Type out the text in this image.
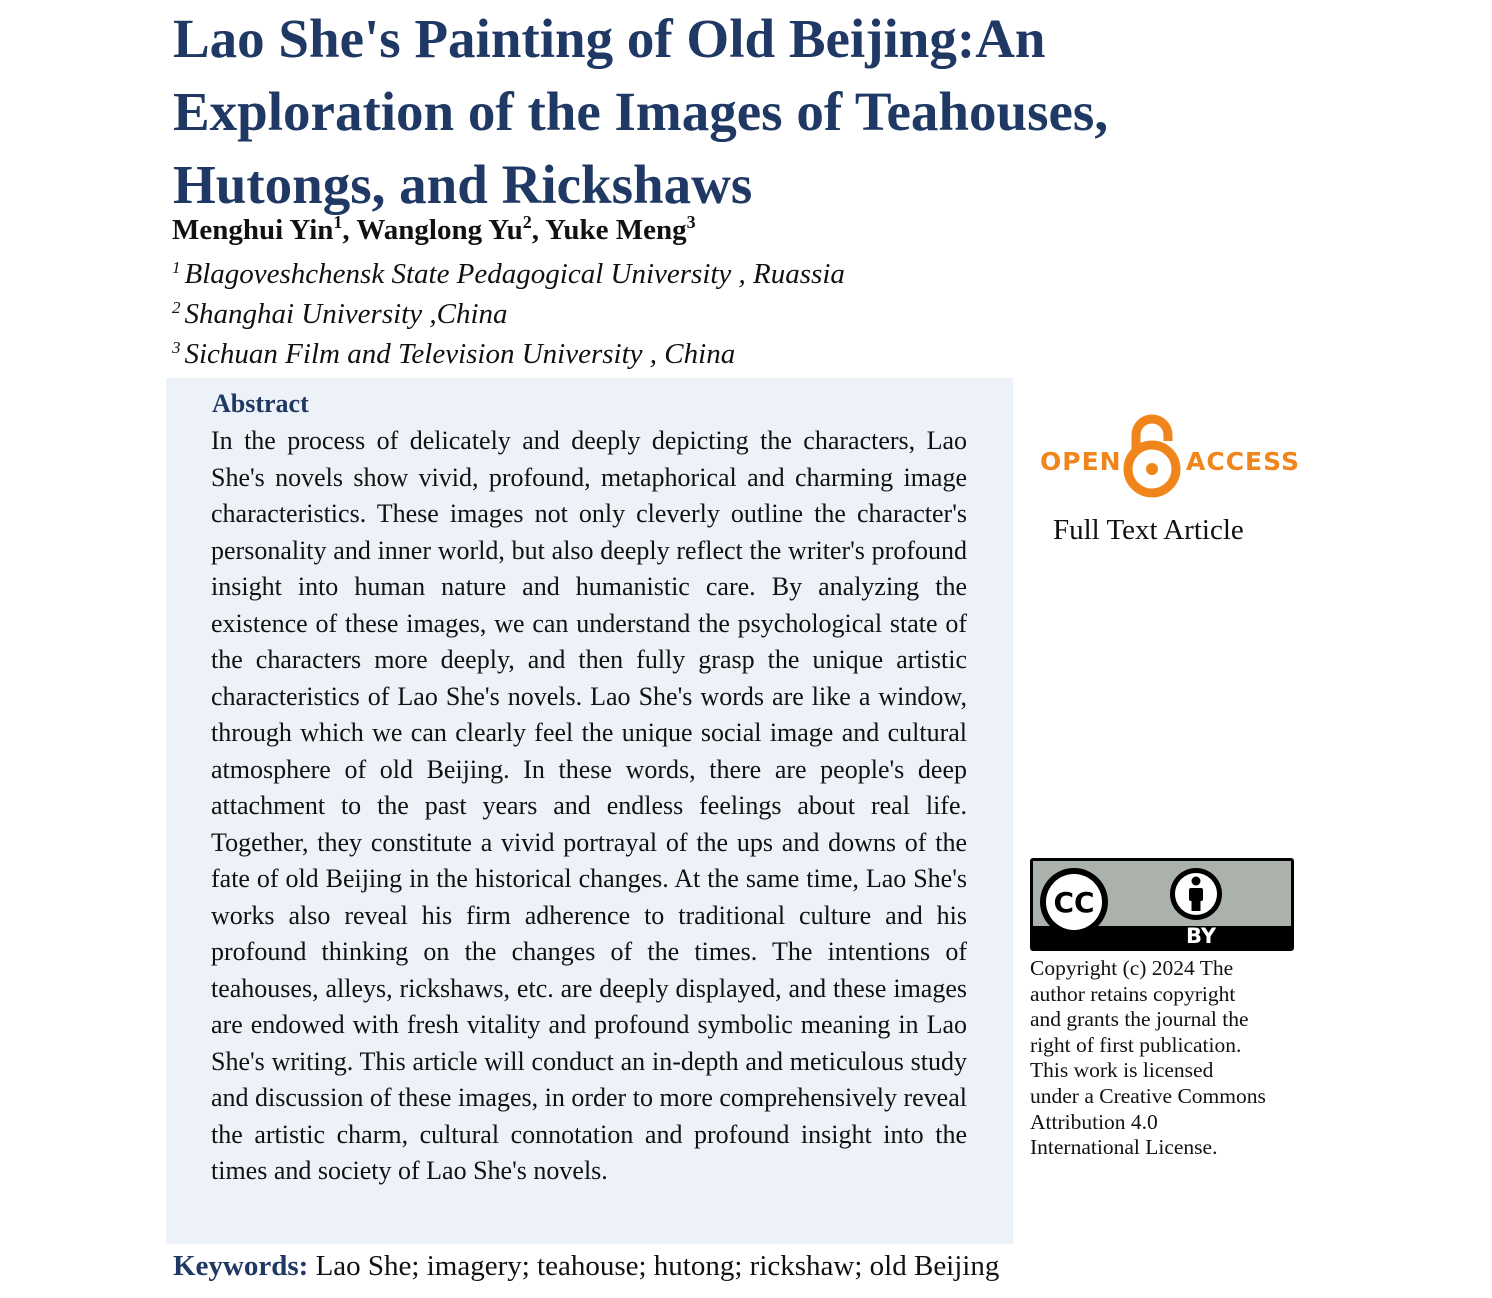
Lao She's Painting of Old Beijing:An Exploration of the Images of Teahouses, Hutongs, and Rickshaws
Menghui Yin$^1$, Wanglong Yu$^2$, Yuke Meng$^3$
$^1$ Blagoveshchensk State Pedagogical University , Ruassia
$^2$ Shanghai University ,China
$^3$ Sichuan Film and Television University , China
Abstract
In the process of delicately and deeply depicting the characters, Lao She's novels show vivid, profound, metaphorical and charming image characteristics. These images not only cleverly outline the character's personality and inner world, but also deeply reflect the writer's profound insight into human nature and humanistic care. By analyzing the existence of these images, we can understand the psychological state of the characters more deeply, and then fully grasp the unique artistic characteristics of Lao She's novels. Lao She's words are like a window, through which we can clearly feel the unique social image and cultural atmosphere of old Beijing. In these words, there are people's deep attachment to the past years and endless feelings about real life. Together, they constitute a vivid portrayal of the ups and downs of the fate of old Beijing in the historical changes. At the same time, Lao She's works also reveal his firm adherence to traditional culture and his profound thinking on the changes of the times. The intentions of teahouses, alleys, rickshaws, etc. are deeply displayed, and these images are endowed with fresh vitality and profound symbolic meaning in Lao She's writing. This article will conduct an in-depth and meticulous study and discussion of these images, in order to more comprehensively reveal the artistic charm, cultural connotation and profound insight into the times and society of Lao She's novels.
OPEN	ACCESS
Full Text Article
CC
BY
Copyright (c) 2024 The
author retains copyright
and grants the journal the
right of first publication.
This work is licensed
under a Creative Commons
Attribution 4.0
International License.
Keywords: Lao She; imagery; teahouse; hutong; rickshaw; old Beijing
